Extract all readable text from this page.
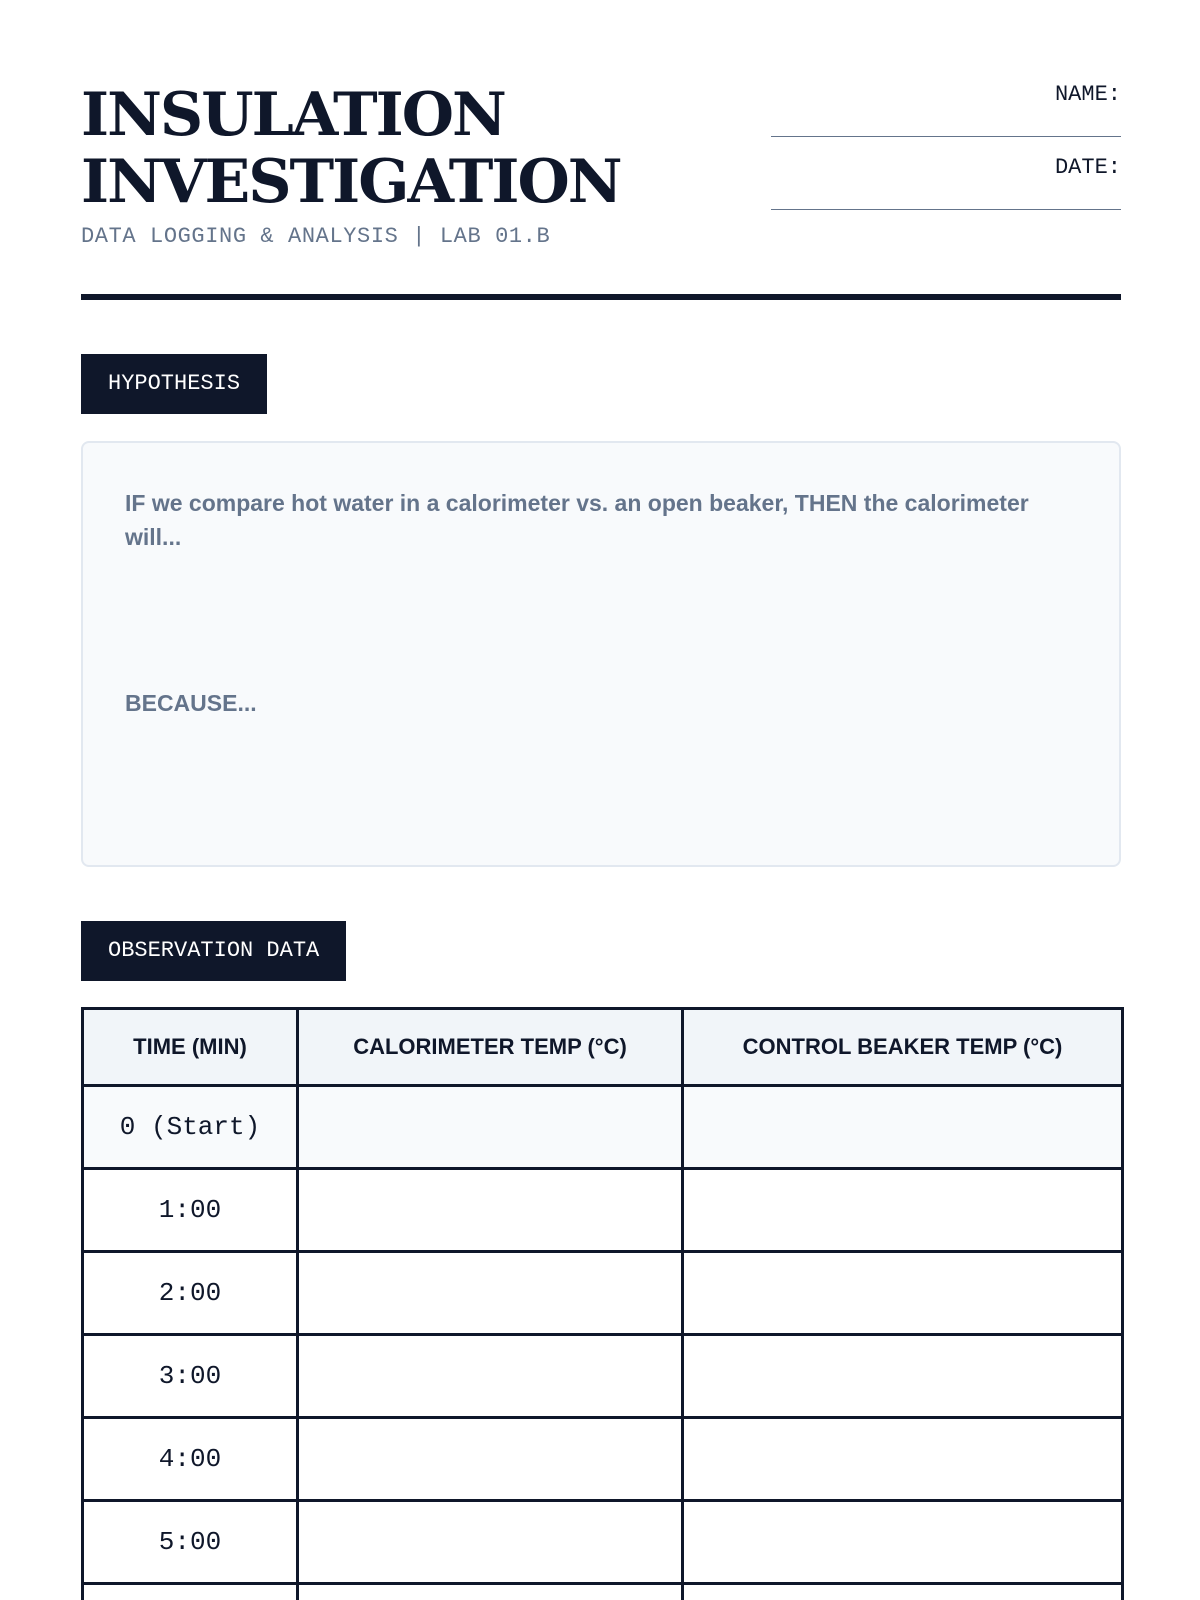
INSULATION
INVESTIGATION
DATA LOGGING & ANALYSIS | LAB 01.B
NAME:
DATE:
HYPOTHESIS

IF we compare hot water in a calorimeter vs. an open beaker, THEN the calorimeter will...

BECAUSE...

OBSERVATION DATA
TIME (MIN)	CALORIMETER TEMP (°C)	CONTROL BEAKER TEMP (°C)
0 (Start)		
1:00		
2:00		
3:00		
4:00		
5:00		
